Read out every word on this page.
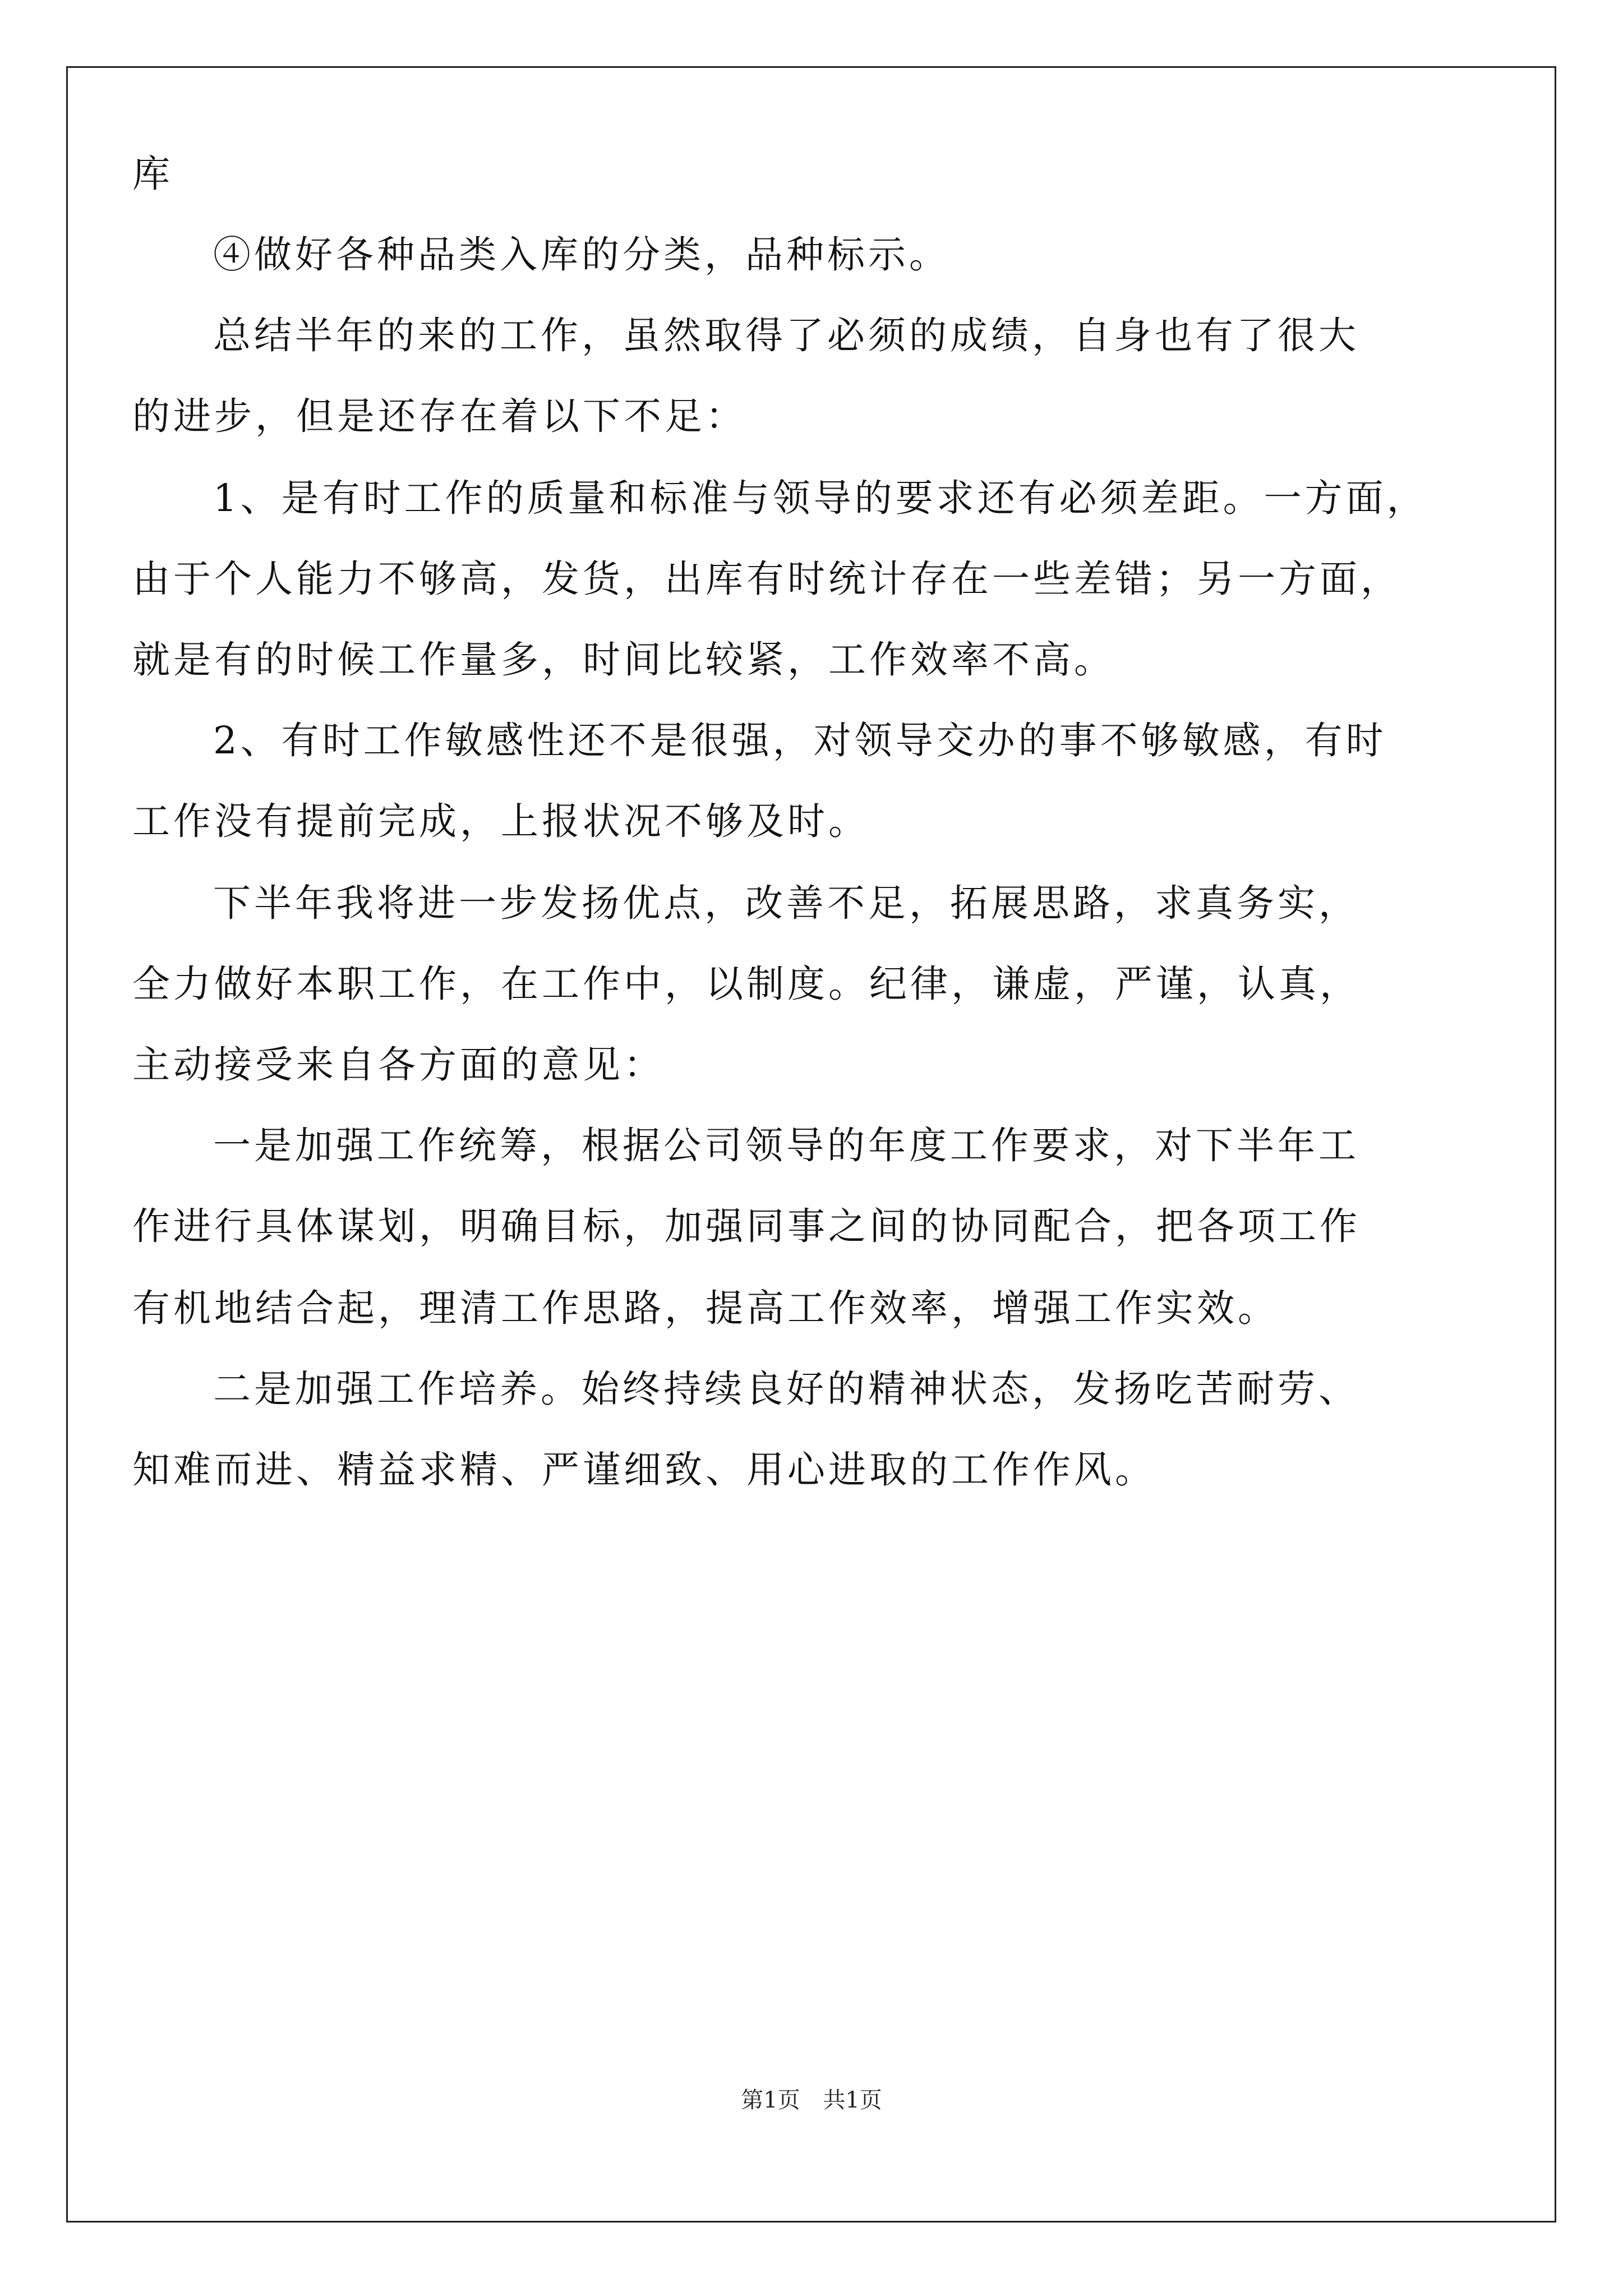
库
④做好各种品类入库的分类，品种标示。
总结半年的来的工作，虽然取得了必须的成绩，自身也有了很大
的进步，但是还存在着以下不足：
1、是有时工作的质量和标准与领导的要求还有必须差距。一方面，
由于个人能力不够高，发货，出库有时统计存在一些差错；另一方面，
就是有的时候工作量多，时间比较紧，工作效率不高。
2、有时工作敏感性还不是很强，对领导交办的事不够敏感，有时
工作没有提前完成，上报状况不够及时。
下半年我将进一步发扬优点，改善不足，拓展思路，求真务实，
全力做好本职工作，在工作中，以制度。纪律，谦虚，严谨，认真，
主动接受来自各方面的意见：
一是加强工作统筹，根据公司领导的年度工作要求，对下半年工
作进行具体谋划，明确目标，加强同事之间的协同配合，把各项工作
有机地结合起，理清工作思路，提高工作效率，增强工作实效。
二是加强工作培养。始终持续良好的精神状态，发扬吃苦耐劳、
知难而进、精益求精、严谨细致、用心进取的工作作风。
第1页 共1页
